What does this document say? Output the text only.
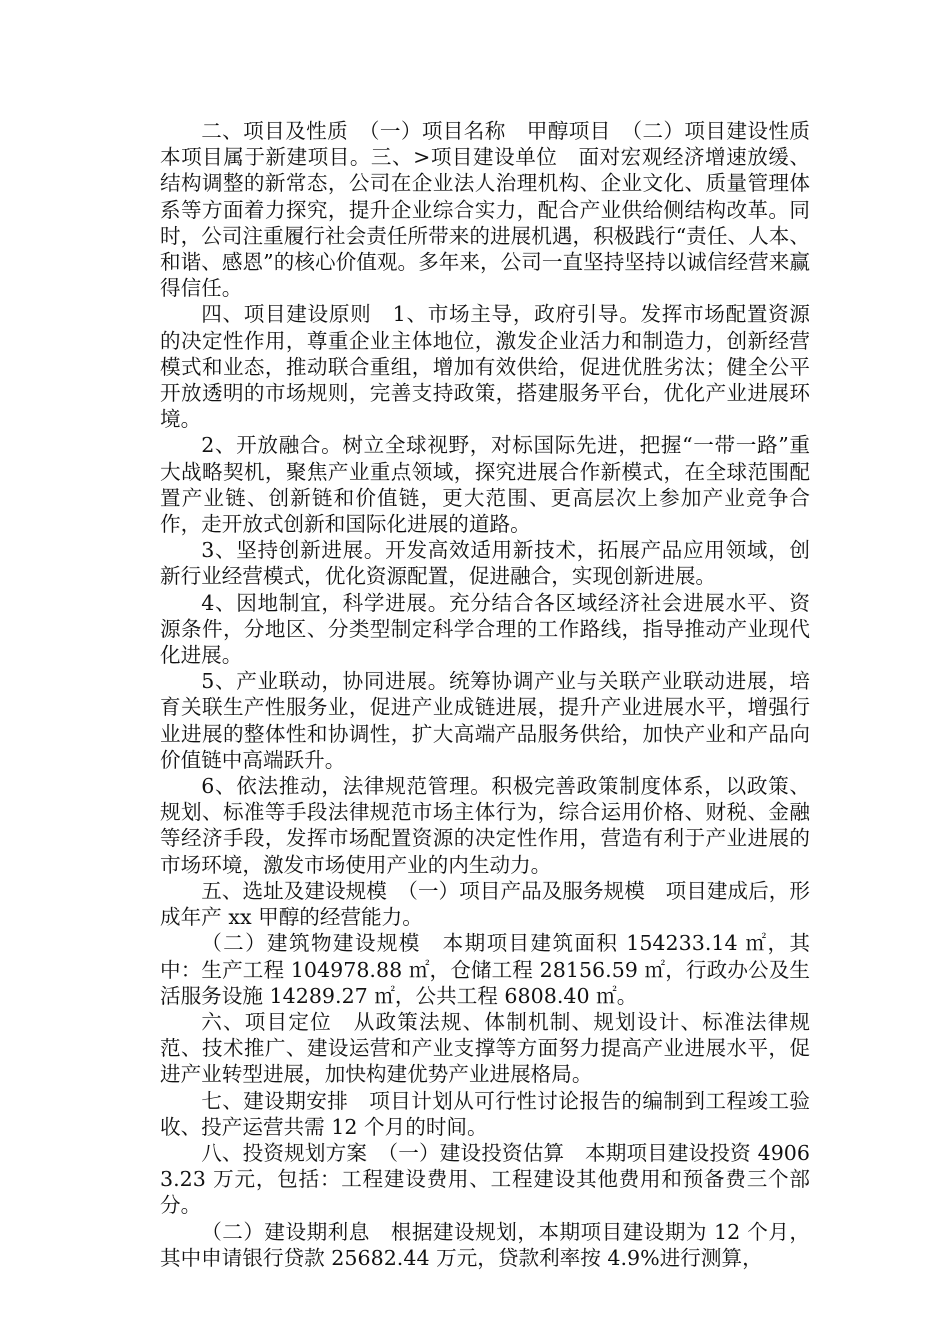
二、项目及性质　（一）项目名称　甲醇项目　（二）项目建设性质　本项目属于新建项目。三、>项目建设单位　面对宏观经济增速放缓、结构调整的新常态，公司在企业法人治理机构、企业文化、质量管理体系等方面着力探究，提升企业综合实力，配合产业供给侧结构改革。同时，公司注重履行社会责任所带来的进展机遇，积极践行“责任、人本、和谐、感恩”的核心价值观。多年来，公司一直坚持坚持以诚信经营来赢得信任。

四、项目建设原则　1、市场主导，政府引导。发挥市场配置资源的决定性作用，尊重企业主体地位，激发企业活力和制造力，创新经营模式和业态，推动联合重组，增加有效供给，促进优胜劣汰；健全公平开放透明的市场规则，完善支持政策，搭建服务平台，优化产业进展环境。

2、开放融合。树立全球视野，对标国际先进，把握“一带一路”重大战略契机，聚焦产业重点领域，探究进展合作新模式，在全球范围配置产业链、创新链和价值链，更大范围、更高层次上参加产业竞争合作，走开放式创新和国际化进展的道路。

3、坚持创新进展。开发高效适用新技术，拓展产品应用领域，创新行业经营模式，优化资源配置，促进融合，实现创新进展。

4、因地制宜，科学进展。充分结合各区域经济社会进展水平、资源条件，分地区、分类型制定科学合理的工作路线，指导推动产业现代化进展。

5、产业联动，协同进展。统筹协调产业与关联产业联动进展，培育关联生产性服务业，促进产业成链进展，提升产业进展水平，增强行业进展的整体性和协调性，扩大高端产品服务供给，加快产业和产品向价值链中高端跃升。

6、依法推动，法律规范管理。积极完善政策制度体系，以政策、规划、标准等手段法律规范市场主体行为，综合运用价格、财税、金融等经济手段，发挥市场配置资源的决定性作用，营造有利于产业进展的市场环境，激发市场使用产业的内生动力。

五、选址及建设规模　（一）项目产品及服务规模　项目建成后，形成年产 xx 甲醇的经营能力。

（二）建筑物建设规模　本期项目建筑面积 154233.14 ㎡，其中：生产工程 104978.88 ㎡，仓储工程 28156.59 ㎡，行政办公及生活服务设施 14289.27 ㎡，公共工程 6808.40 ㎡。

六、项目定位　从政策法规、体制机制、规划设计、标准法律规范、技术推广、建设运营和产业支撑等方面努力提高产业进展水平，促进产业转型进展，加快构建优势产业进展格局。

七、建设期安排　项目计划从可行性讨论报告的编制到工程竣工验收、投产运营共需 12 个月的时间。

八、投资规划方案　（一）建设投资估算　本期项目建设投资 49063.23 万元，包括：工程建设费用、工程建设其他费用和预备费三个部分。

（二）建设期利息　根据建设规划，本期项目建设期为 12 个月，其中申请银行贷款 25682.44 万元，贷款利率按 4.9%进行测算，
